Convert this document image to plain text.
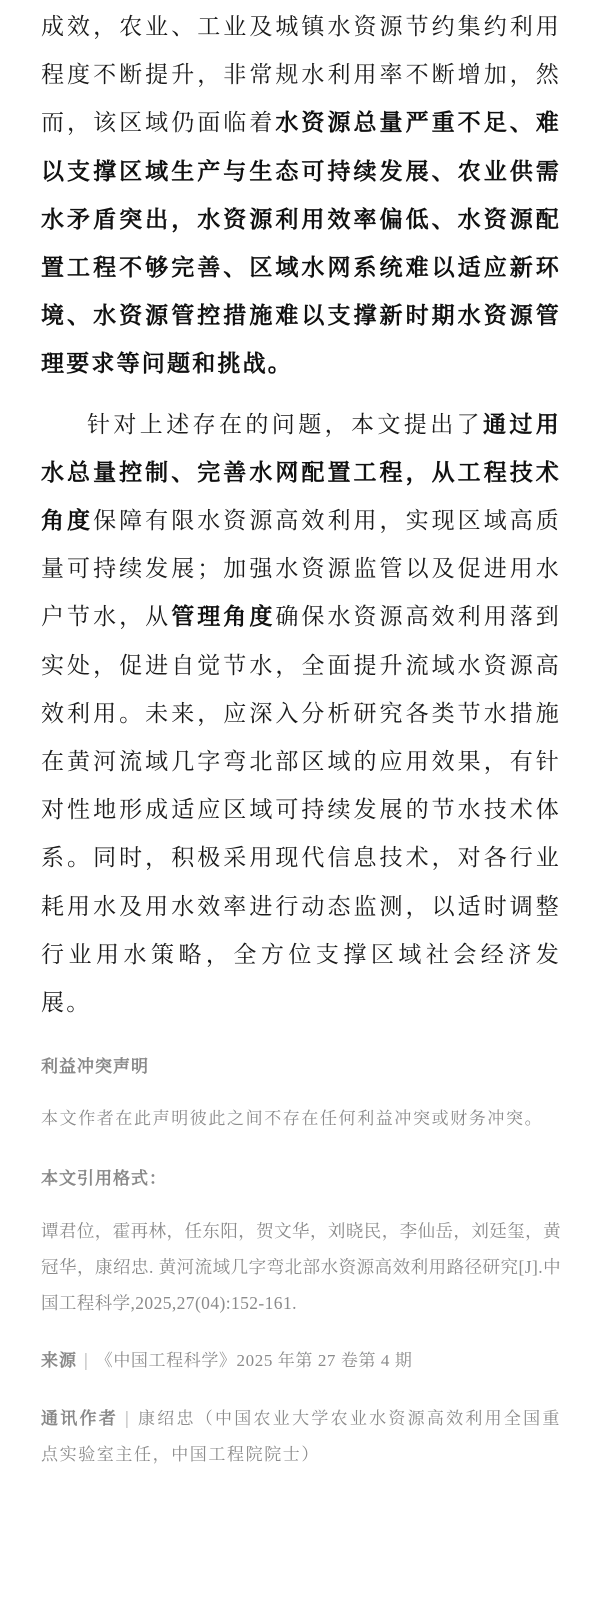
成效，农业、工业及城镇水资源节约集约利用程度不断提升，非常规水利用率不断增加，然而，该区域仍面临着水资源总量严重不足、难以支撑区域生产与生态可持续发展、农业供需水矛盾突出，水资源利用效率偏低、水资源配置工程不够完善、区域水网系统难以适应新环境、水资源管控措施难以支撑新时期水资源管理要求等问题和挑战。

针对上述存在的问题，本文提出了通过用水总量控制、完善水网配置工程，从工程技术角度保障有限水资源高效利用，实现区域高质量可持续发展；加强水资源监管以及促进用水户节水，从管理角度确保水资源高效利用落到实处，促进自觉节水，全面提升流域水资源高效利用。未来，应深入分析研究各类节水措施在黄河流域几字弯北部区域的应用效果，有针对性地形成适应区域可持续发展的节水技术体系。同时，积极采用现代信息技术，对各行业耗用水及用水效率进行动态监测，以适时调整行业用水策略，全方位支撑区域社会经济发展。

利益冲突声明

本文作者在此声明彼此之间不存在任何利益冲突或财务冲突。

本文引用格式：

谭君位，霍再林，任东阳，贺文华，刘晓民，李仙岳，刘廷玺，黄冠华，康绍忠. 黄河流域几字弯北部水资源高效利用路径研究[J].中国工程科学,2025,27(04):152-161.

来源 | 《中国工程科学》2025 年第 27 卷第 4 期

通讯作者 | 康绍忠（中国农业大学农业水资源高效利用全国重点实验室主任，中国工程院院士）
